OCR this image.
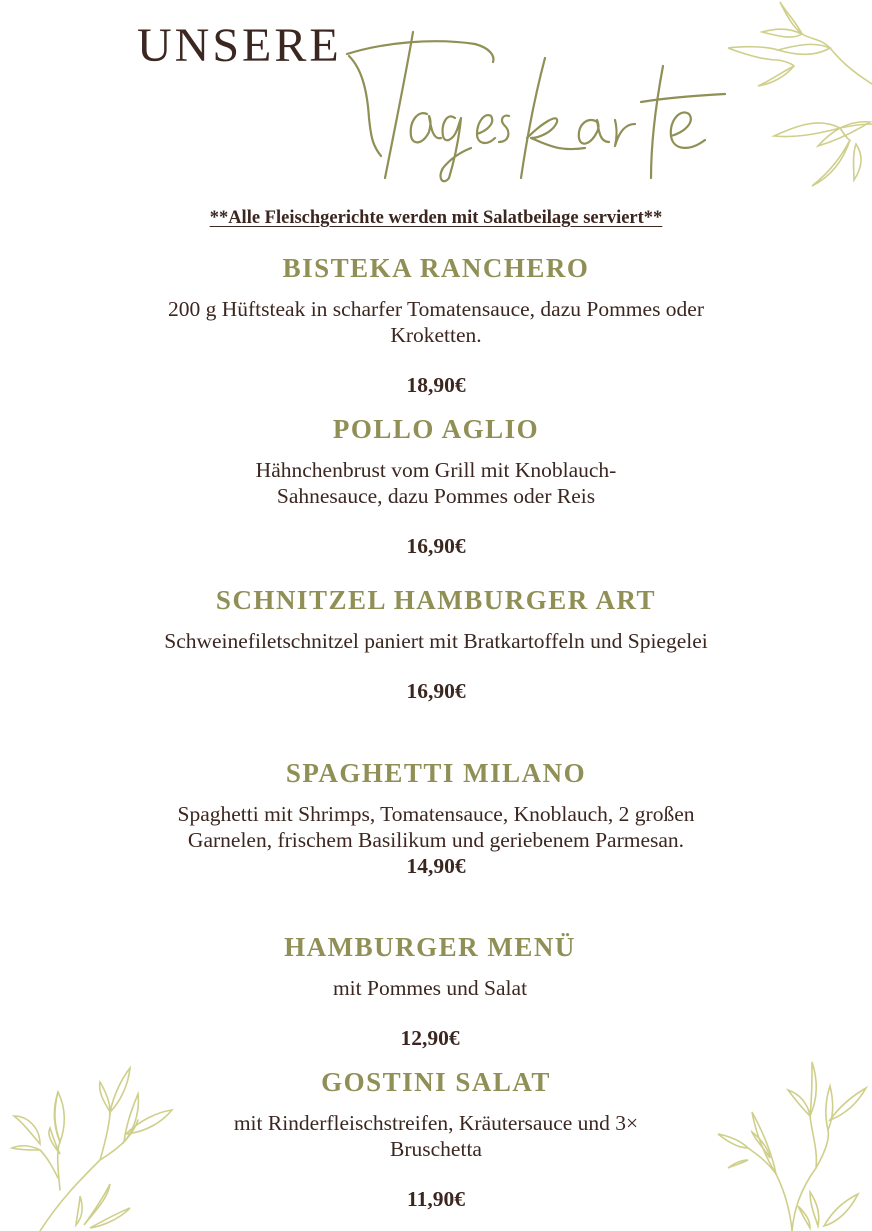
UNSERE
**Alle Fleischgerichte werden mit Salatbeilage serviert**
BISTEKA RANCHERO

200 g Hüftsteak in scharfer Tomatensauce, dazu Pommes oder Kroketten.

18,90€

POLLO AGLIO

Hähnchenbrust vom Grill mit Knoblauch-Sahnesauce, dazu Pommes oder Reis

16,90€

SCHNITZEL HAMBURGER ART

Schweinefiletschnitzel paniert mit Bratkartoffeln und Spiegelei

16,90€

SPAGHETTI MILANO

Spaghetti mit Shrimps, Tomatensauce, Knoblauch, 2 großen Garnelen, frischem Basilikum und geriebenem Parmesan.

14,90€

HAMBURGER MENÜ

mit Pommes und Salat

12,90€

GOSTINI SALAT

mit Rinderfleischstreifen, Kräutersauce und 3× Bruschetta

11,90€
